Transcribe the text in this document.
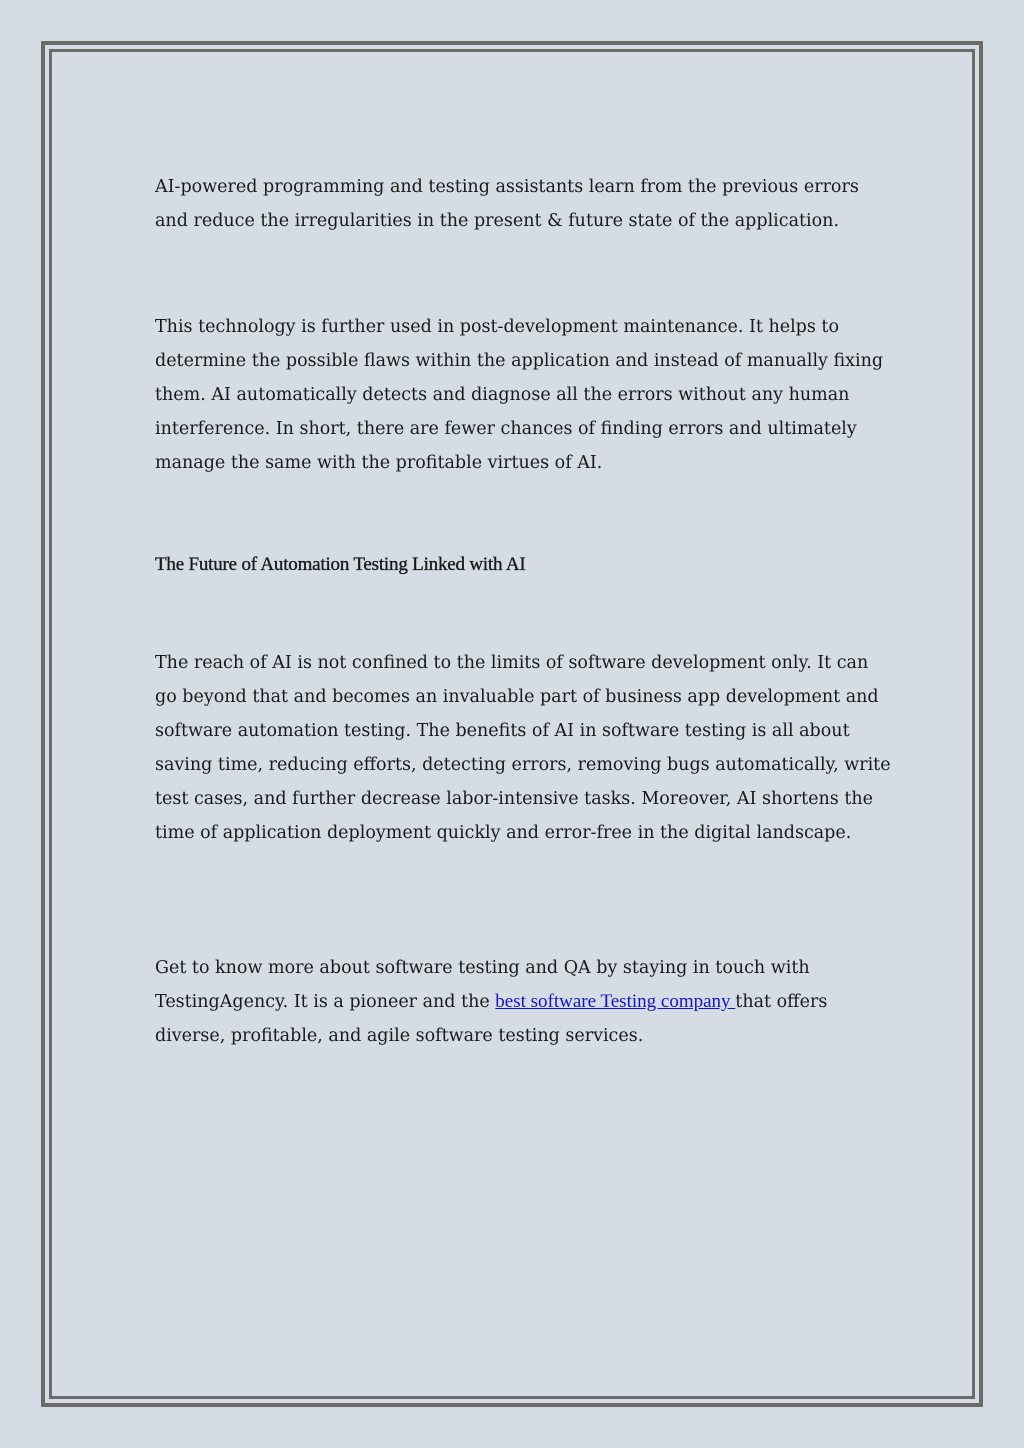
AI-powered programming and testing assistants learn from the previous errors and reduce the irregularities in the present & future state of the application.

This technology is further used in post-development maintenance. It helps to determine the possible flaws within the application and instead of manually fixing them. AI automatically detects and diagnose all the errors without any human interference. In short, there are fewer chances of finding errors and ultimately manage the same with the profitable virtues of AI.

The Future of Automation Testing Linked with AI

The reach of AI is not confined to the limits of software development only. It can go beyond that and becomes an invaluable part of business app development and software automation testing. The benefits of AI in software testing is all about saving time, reducing efforts, detecting errors, removing bugs automatically, write test cases, and further decrease labor-intensive tasks. Moreover, AI shortens the time of application deployment quickly and error-free in the digital landscape.

Get to know more about software testing and QA by staying in touch with TestingAgency. It is a pioneer and the best software Testing company that offers diverse, profitable, and agile software testing services.
